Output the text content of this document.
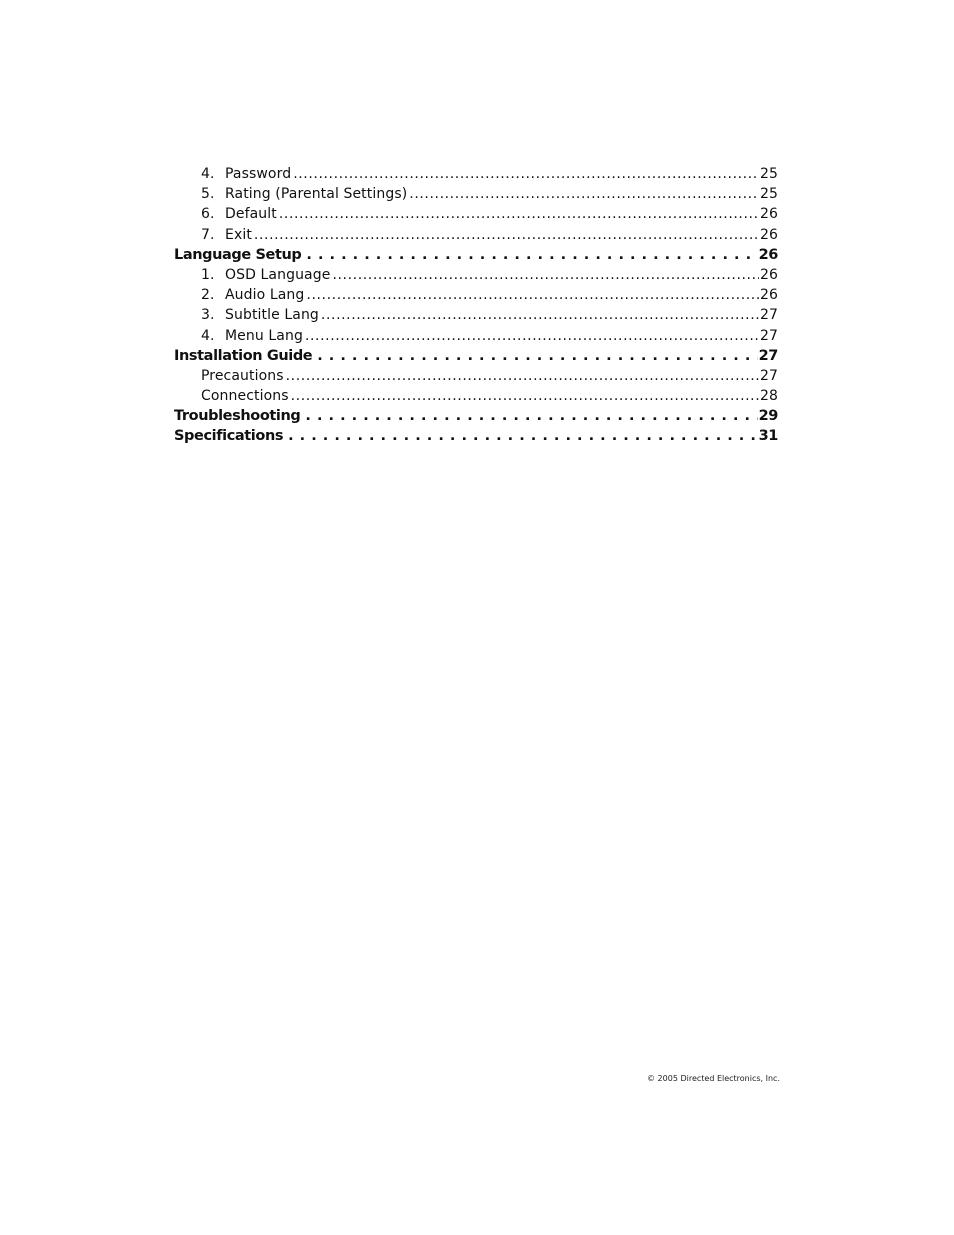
4. Password .....	25
5. Rating (Parental Settings) .....	25
6. Default .....	26
7. Exit .....	26
Language Setup . . .	26
1. OSD Language .....	26
2. Audio Lang .....	26
3. Subtitle Lang .....	27
4. Menu Lang .....	27
Installation Guide . . .	27
Precautions .....	27
Connections .....	28
Troubleshooting . . .	29
Specifications . . .	31
© 2005 Directed Electronics, Inc.
